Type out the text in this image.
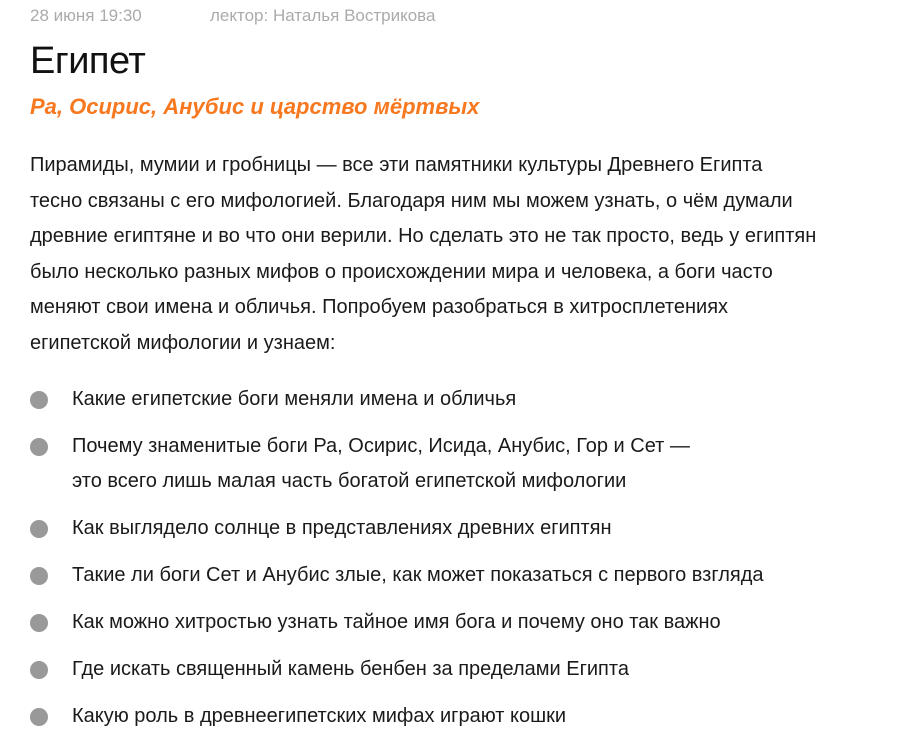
28 июня 19:30	лектор: Наталья Вострикова
Египет
Ра, Осирис, Анубис и царство мёртвых

Пирамиды, мумии и гробницы — все эти памятники культуры Древнего Египта
тесно связаны с его мифологией. Благодаря ним мы можем узнать, о чём думали
древние египтяне и во что они верили. Но сделать это не так просто, ведь у египтян
было несколько разных мифов о происхождении мира и человека, а боги часто
меняют свои имена и обличья. Попробуем разобраться в хитросплетениях
египетской мифологии и узнаем:

Какие египетские боги меняли имена и обличья
Почему знаменитые боги Ра, Осирис, Исида, Анубис, Гор и Сет —
это всего лишь малая часть богатой египетской мифологии
Как выглядело солнце в представлениях древних египтян
Такие ли боги Сет и Анубис злые, как может показаться с первого взгляда
Как можно хитростью узнать тайное имя бога и почему оно так важно
Где искать священный камень бенбен за пределами Египта
Какую роль в древнеегипетских мифах играют кошки
